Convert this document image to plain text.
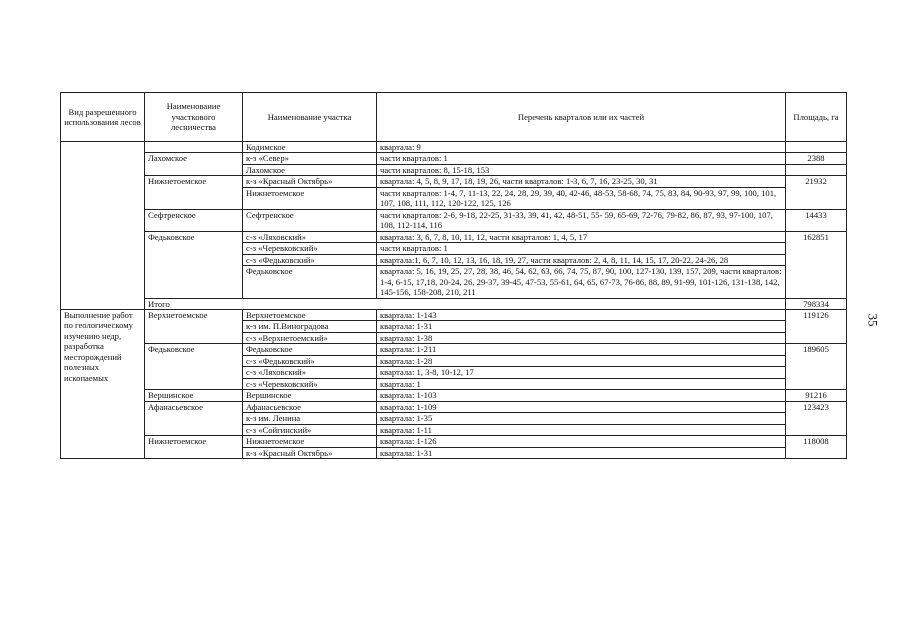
35
Вид разрешенного использования лесов	Наименование участкового лесничества	Наименование участка	Перечень кварталов или их частей	Площадь, га
		Кодимское	квартала: 9	
	Лахомское	к-з «Север»	части кварталов: 1	2388
		Лахомское	части кварталов: 8, 15-18, 153	
	Нижнетоемское	к-з «Красный Октябрь»	квартала: 4, 5, 8, 9, 17, 18, 19, 26, части кварталов: 1-3, 6, 7, 16, 23-25, 30, 31	21932
		Нижнетоемское	части кварталов: 1-4, 7, 11-13, 22, 24, 28, 29, 39, 40, 42-46, 48-53, 58-68, 74, 75, 83, 84, 90-93, 97, 99, 100, 101, 107, 108, 111, 112, 120-122, 125, 126	
	Сефтренское	Сефтренское	части кварталов: 2-6, 9-18, 22-25, 31-33, 39, 41, 42, 48-51, 55- 59, 65-69, 72-76, 79-82, 86, 87, 93, 97-100, 107, 108, 112-114, 116	14433
	Федьковское	с-з «Ляховский»	квартала: 3, 6, 7, 8, 10, 11, 12, части кварталов: 1, 4, 5, 17	162851
		с-з «Черевковский»	части кварталов: 1	
		с-з «Федьковский»	квартала:1, 6, 7, 10, 12, 13, 16, 18, 19, 27, части кварталов: 2, 4, 8, 11, 14, 15, 17, 20-22, 24-26, 28	
		Федьковское	квартала: 5, 16, 19, 25, 27, 28, 38, 46, 54, 62, 63, 66, 74, 75, 87, 90, 100, 127-130, 139, 157, 209, части кварталов: 1-4, 6-15, 17,18, 20-24, 26, 29-37, 39-45, 47-53, 55-61, 64, 65, 67-73, 76-86, 88, 89, 91-99, 101-126, 131-138, 142, 145-156, 158-208, 210, 211	
	Итого			798334
Выполнение работ по геологическому изучению недр, разработка месторождений полезных ископаемых	Верхнетоемское	Верхнетоемское	квартала: 1-143	119126
		к-з им. П.Виноградова	квартала: 1-31	
		с-з «Верхнетоемский»	квартала: 1-38	
	Федьковское	Федьковское	квартала: 1-211	189605
		с-з «Федьковский»	квартала: 1-28	
		с-з «Ляховский»	квартала: 1, 3-8, 10-12, 17	
		с-з «Черевковский»	квартала: 1	
	Вершинское	Вершинское	квартала: 1-103	91216
	Афанасьевское	Афанасьевское	квартала: 1-109	123423
		к-з им. Ленина	квартала: 1-35	
		с-з «Сойгинский»	квартала: 1-11	
	Нижнетоемское	Нижнетоемское	квартала: 1-126	118008
		к-з «Красный Октябрь»	квартала: 1-31	
